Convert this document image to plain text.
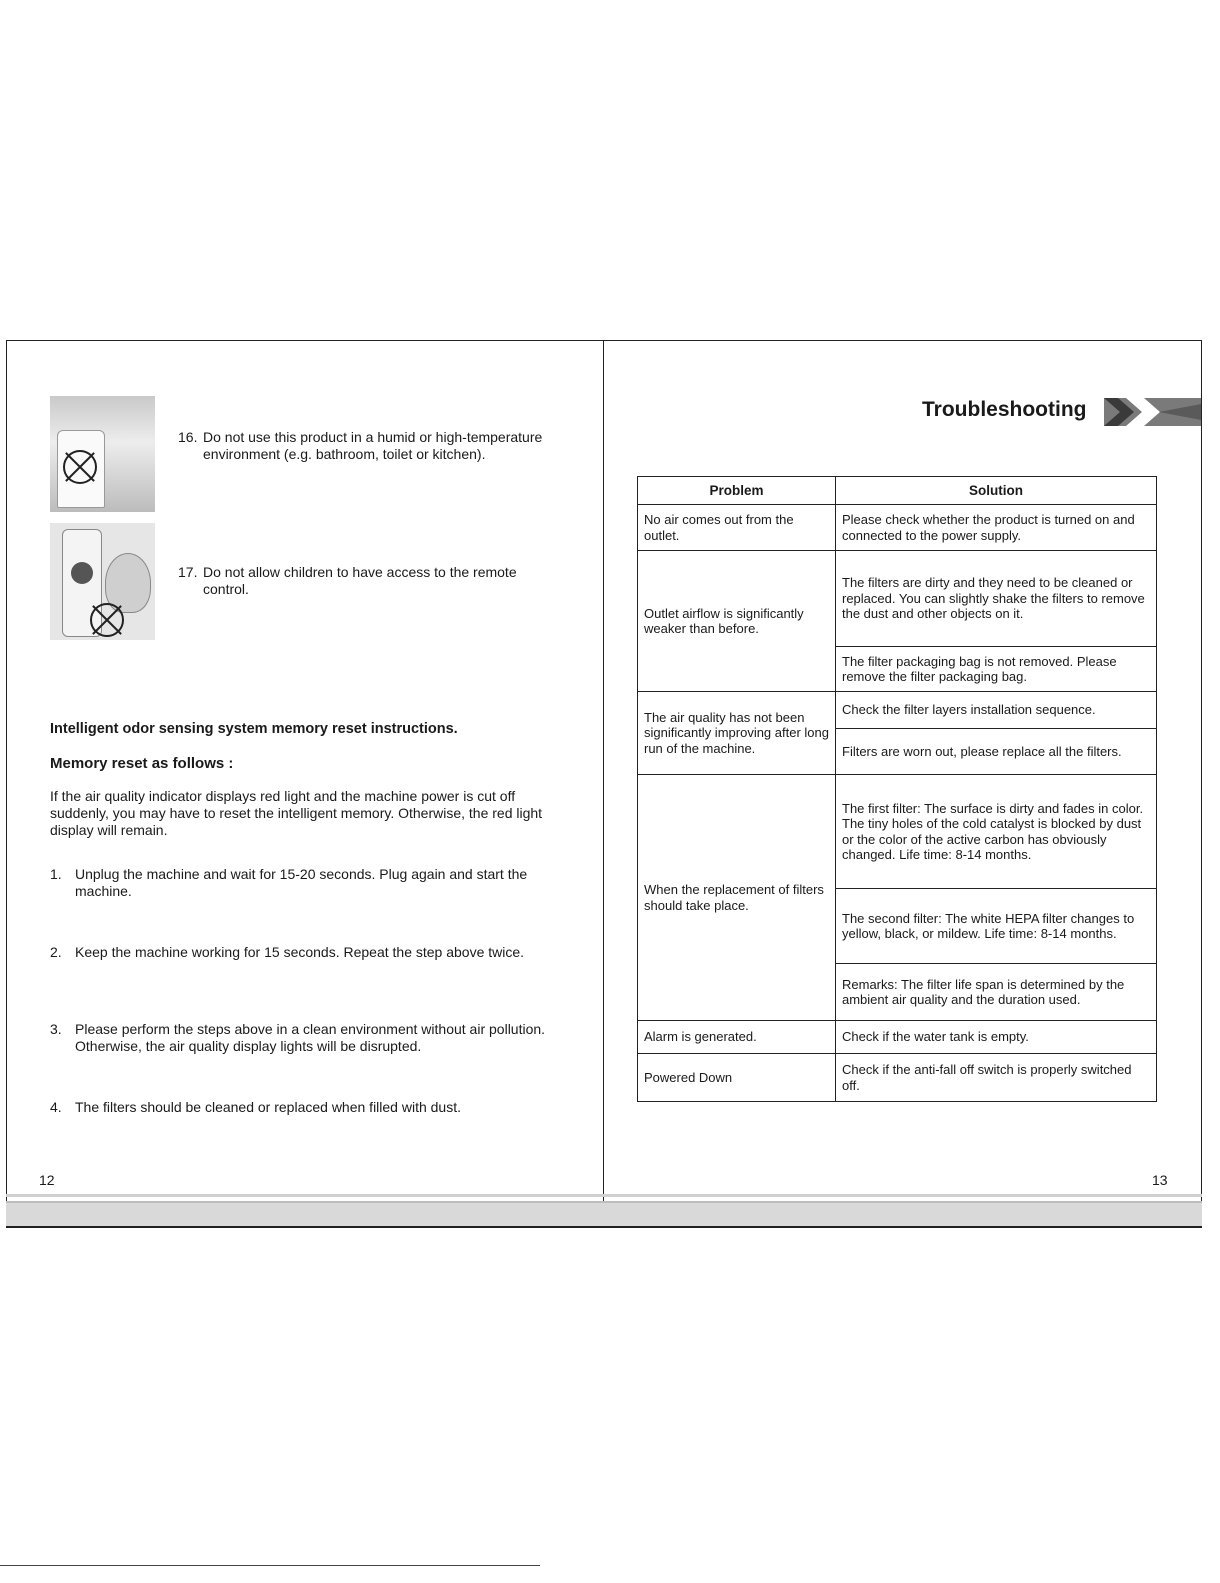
16. Do not use this product in a humid or high-temperature environment (e.g. bathroom, toilet or kitchen).
17. Do not allow children to have access to the remote control.
Intelligent odor sensing system memory reset instructions.
Memory reset as follows :
If the air quality indicator displays red light and the machine power is cut off suddenly, you may have to reset the intelligent memory. Otherwise, the red light display will remain.
1. Unplug the machine and wait for 15-20 seconds. Plug again and start the machine.
2. Keep the machine working for 15 seconds. Repeat the step above twice.
3. Please perform the steps above in a clean environment without air pollution. Otherwise, the air quality display lights will be disrupted.
4. The filters should be cleaned or replaced when filled with dust.
12
Troubleshooting
Problem	Solution
No air comes out from the outlet.	Please check whether the product is turned on and connected to the power supply.
Outlet airflow is significantly weaker than before.	The filters are dirty and they need to be cleaned or replaced. You can slightly shake the filters to remove the dust and other objects on it.
	The filter packaging bag is not removed. Please remove the filter packaging bag.
The air quality has not been significantly improving after long run of the machine.	Check the filter layers installation sequence.
	Filters are worn out, please replace all the filters.
When the replacement of filters should take place.	The first filter: The surface is dirty and fades in color. The tiny holes of the cold catalyst is blocked by dust or the color of the active carbon has obviously changed. Life time: 8-14 months.
	The second filter: The white HEPA filter changes to yellow, black, or mildew. Life time: 8-14 months.
	Remarks: The filter life span is determined by the ambient air quality and the duration used.
Alarm is generated.	Check if the water tank is empty.
Powered Down	Check if the anti-fall off switch is properly switched off.
13
